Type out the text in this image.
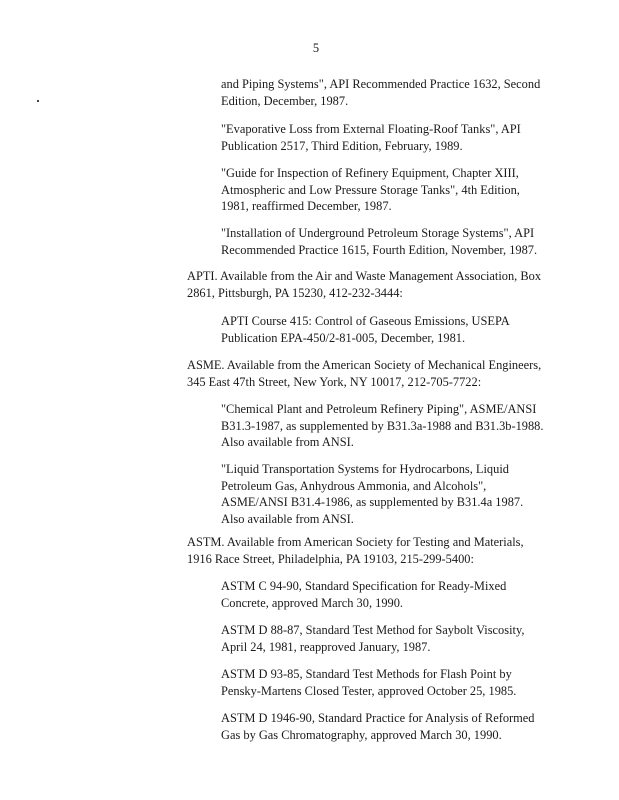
5
and Piping Systems", API Recommended Practice 1632, Second
Edition, December, 1987.
"Evaporative Loss from External Floating-Roof Tanks", API
Publication 2517, Third Edition, February, 1989.
"Guide for Inspection of Refinery Equipment, Chapter XIII,
Atmospheric and Low Pressure Storage Tanks", 4th Edition,
1981, reaffirmed December, 1987.
"Installation of Underground Petroleum Storage Systems", API
Recommended Practice 1615, Fourth Edition, November, 1987.
APTI. Available from the Air and Waste Management Association, Box
2861, Pittsburgh, PA 15230, 412-232-3444:
APTI Course 415: Control of Gaseous Emissions, USEPA
Publication EPA-450/2-81-005, December, 1981.
ASME. Available from the American Society of Mechanical Engineers,
345 East 47th Street, New York, NY 10017, 212-705-7722:
"Chemical Plant and Petroleum Refinery Piping", ASME/ANSI
B31.3-1987, as supplemented by B31.3a-1988 and B31.3b-1988.
Also available from ANSI.
"Liquid Transportation Systems for Hydrocarbons, Liquid
Petroleum Gas, Anhydrous Ammonia, and Alcohols",
ASME/ANSI B31.4-1986, as supplemented by B31.4a 1987.
Also available from ANSI.
ASTM. Available from American Society for Testing and Materials,
1916 Race Street, Philadelphia, PA 19103, 215-299-5400:
ASTM C 94-90, Standard Specification for Ready-Mixed
Concrete, approved March 30, 1990.
ASTM D 88-87, Standard Test Method for Saybolt Viscosity,
April 24, 1981, reapproved January, 1987.
ASTM D 93-85, Standard Test Methods for Flash Point by
Pensky-Martens Closed Tester, approved October 25, 1985.
ASTM D 1946-90, Standard Practice for Analysis of Reformed
Gas by Gas Chromatography, approved March 30, 1990.
